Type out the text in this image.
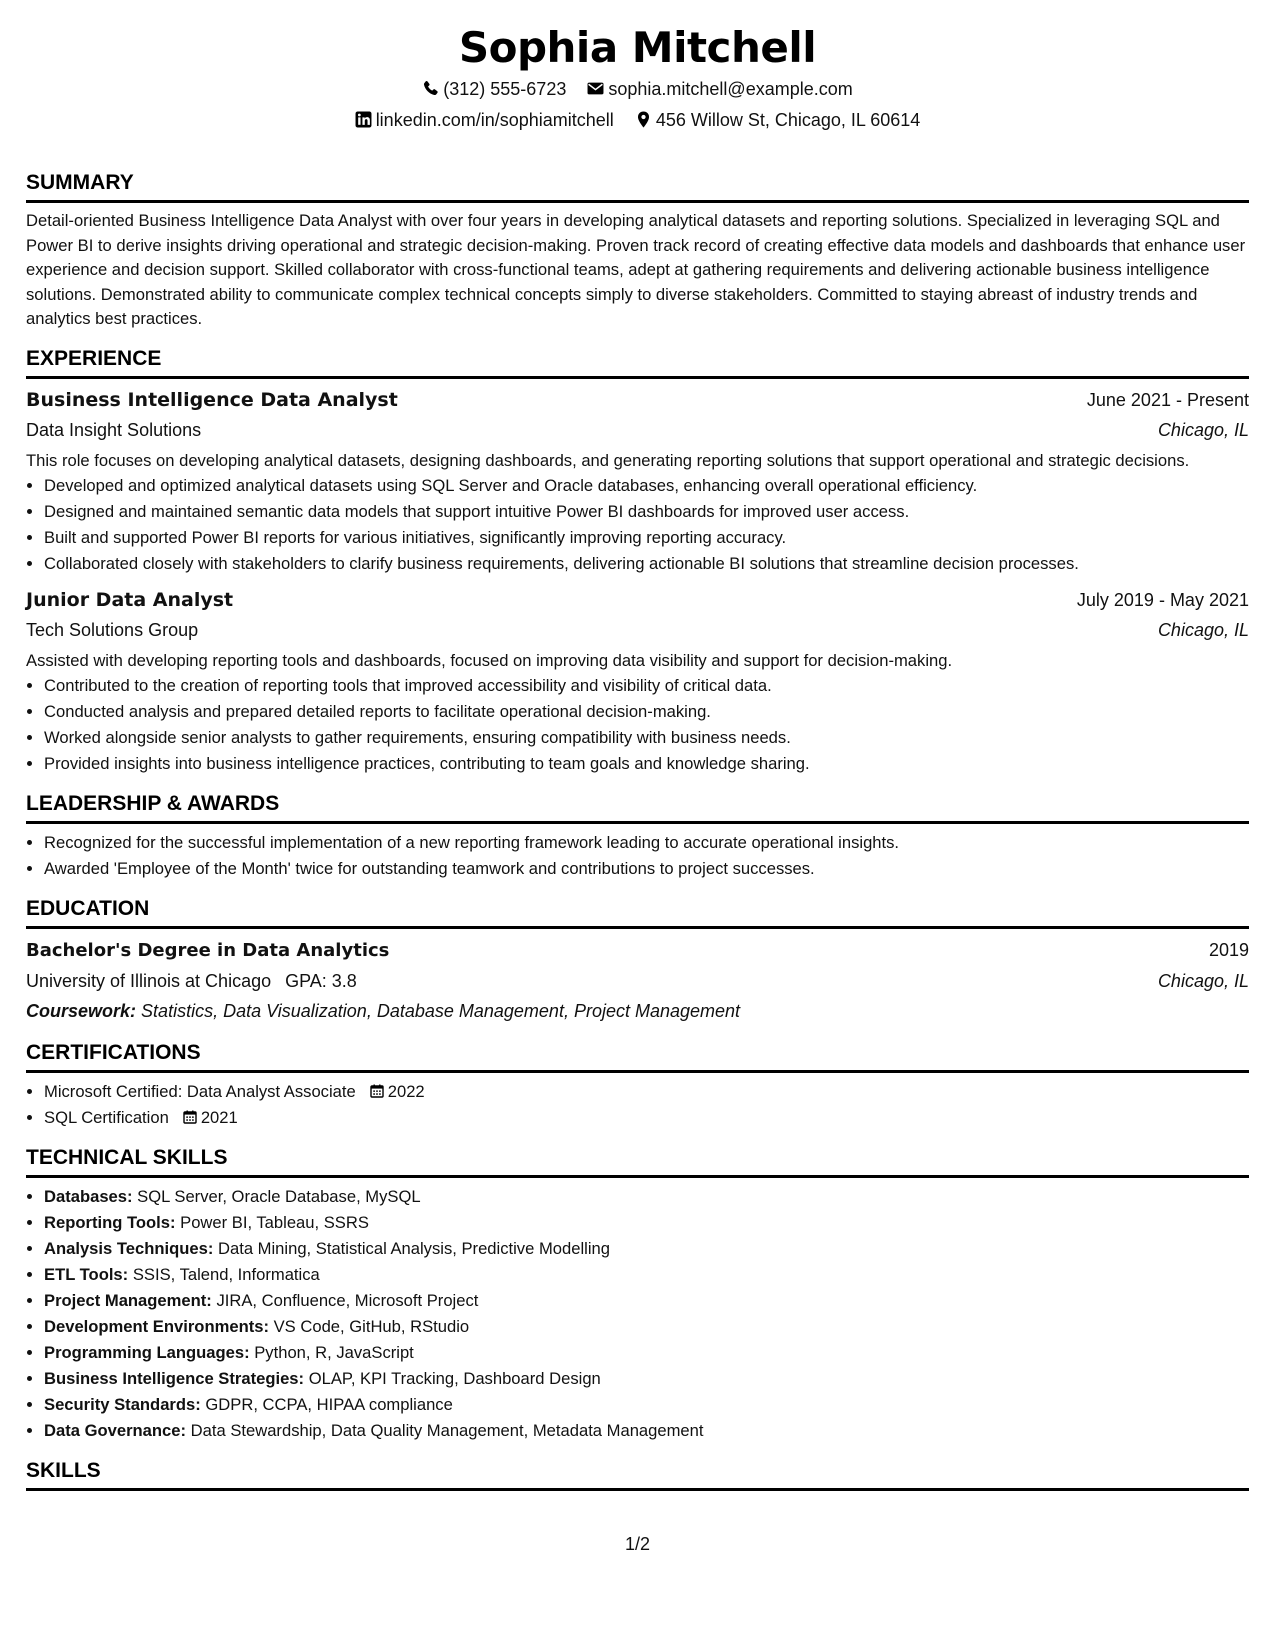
Sophia Mitchell
(312) 555-6723 sophia.mitchell@example.com
linkedin.com/in/sophiamitchell 456 Willow St, Chicago, IL 60614
SUMMARY

Detail-oriented Business Intelligence Data Analyst with over four years in developing analytical datasets and reporting solutions. Specialized in leveraging SQL and Power BI to derive insights driving operational and strategic decision-making. Proven track record of creating effective data models and dashboards that enhance user experience and decision support. Skilled collaborator with cross-functional teams, adept at gathering requirements and delivering actionable business intelligence solutions. Demonstrated ability to communicate complex technical concepts simply to diverse stakeholders. Committed to staying abreast of industry trends and analytics best practices.

EXPERIENCE
Business Intelligence Data Analyst	June 2021 - Present
Data Insight Solutions	Chicago, IL

This role focuses on developing analytical datasets, designing dashboards, and generating reporting solutions that support operational and strategic decisions.

• Developed and optimized analytical datasets using SQL Server and Oracle databases, enhancing overall operational efficiency.
• Designed and maintained semantic data models that support intuitive Power BI dashboards for improved user access.
• Built and supported Power BI reports for various initiatives, significantly improving reporting accuracy.
• Collaborated closely with stakeholders to clarify business requirements, delivering actionable BI solutions that streamline decision processes.
Junior Data Analyst	July 2019 - May 2021
Tech Solutions Group	Chicago, IL

Assisted with developing reporting tools and dashboards, focused on improving data visibility and support for decision-making.

• Contributed to the creation of reporting tools that improved accessibility and visibility of critical data.
• Conducted analysis and prepared detailed reports to facilitate operational decision-making.
• Worked alongside senior analysts to gather requirements, ensuring compatibility with business needs.
• Provided insights into business intelligence practices, contributing to team goals and knowledge sharing.
LEADERSHIP & AWARDS
• Recognized for the successful implementation of a new reporting framework leading to accurate operational insights.
• Awarded 'Employee of the Month' twice for outstanding teamwork and contributions to project successes.
EDUCATION
Bachelor's Degree in Data Analytics	2019
University of Illinois at Chicago GPA: 3.8	Chicago, IL
Coursework: Statistics, Data Visualization, Database Management, Project Management
CERTIFICATIONS
• Microsoft Certified: Data Analyst Associate 2022
• SQL Certification 2021
TECHNICAL SKILLS
• Databases: SQL Server, Oracle Database, MySQL
• Reporting Tools: Power BI, Tableau, SSRS
• Analysis Techniques: Data Mining, Statistical Analysis, Predictive Modelling
• ETL Tools: SSIS, Talend, Informatica
• Project Management: JIRA, Confluence, Microsoft Project
• Development Environments: VS Code, GitHub, RStudio
• Programming Languages: Python, R, JavaScript
• Business Intelligence Strategies: OLAP, KPI Tracking, Dashboard Design
• Security Standards: GDPR, CCPA, HIPAA compliance
• Data Governance: Data Stewardship, Data Quality Management, Metadata Management
SKILLS
1/2
